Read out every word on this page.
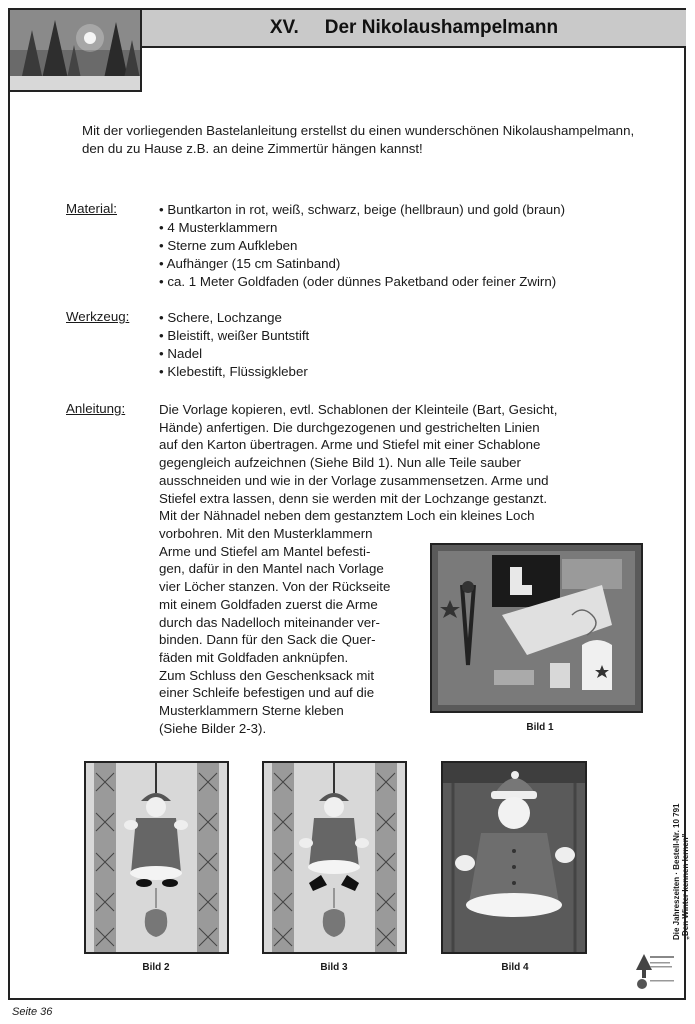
XV. Der Nikolaushampelmann
Mit der vorliegenden Bastelanleitung erstellst du einen wunderschönen Nikolaushampelmann, den du zu Hause z.B. an deine Zimmertür hängen kannst!
Material:	• Buntkarton in rot, weiß, schwarz, beige (hellbraun) und gold (braun)
• 4 Musterklammern
• Sterne zum Aufkleben
• Aufhänger (15 cm Satinband)
• ca. 1 Meter Goldfaden (oder dünnes Paketband oder feiner Zwirn)
Werkzeug:	• Schere, Lochzange
• Bleistift, weißer Buntstift
• Nadel
• Klebestift, Flüssigkleber
Anleitung:	Die Vorlage kopieren, evtl. Schablonen der Kleinteile (Bart, Gesicht,
Hände) anfertigen. Die durchgezogenen und gestrichelten Linien
auf den Karton übertragen. Arme und Stiefel mit einer Schablone
gegengleich aufzeichnen (Siehe Bild 1). Nun alle Teile sauber
ausschneiden und wie in der Vorlage zusammensetzen. Arme und
Stiefel extra lassen, denn sie werden mit der Lochzange gestanzt.
Mit der Nähnadel neben dem gestanztem Loch ein kleines Loch
vorbohren. Mit den Musterklammern
Arme und Stiefel am Mantel befesti-
gen, dafür in den Mantel nach Vorlage
vier Löcher stanzen. Von der Rückseite
mit einem Goldfaden zuerst die Arme
durch das Nadelloch miteinander ver-
binden. Dann für den Sack die Quer-
fäden mit Goldfaden anknüpfen.
Zum Schluss den Geschenksack mit
einer Schleife befestigen und auf die
Musterklammern Sterne kleben
(Siehe Bilder 2-3).	Bild 1
Bild 2	Bild 3	Bild 4
Die Jahreszeiten · Bestell-Nr. 10 791 „Den Winter kennen lernen"
Seite 36
